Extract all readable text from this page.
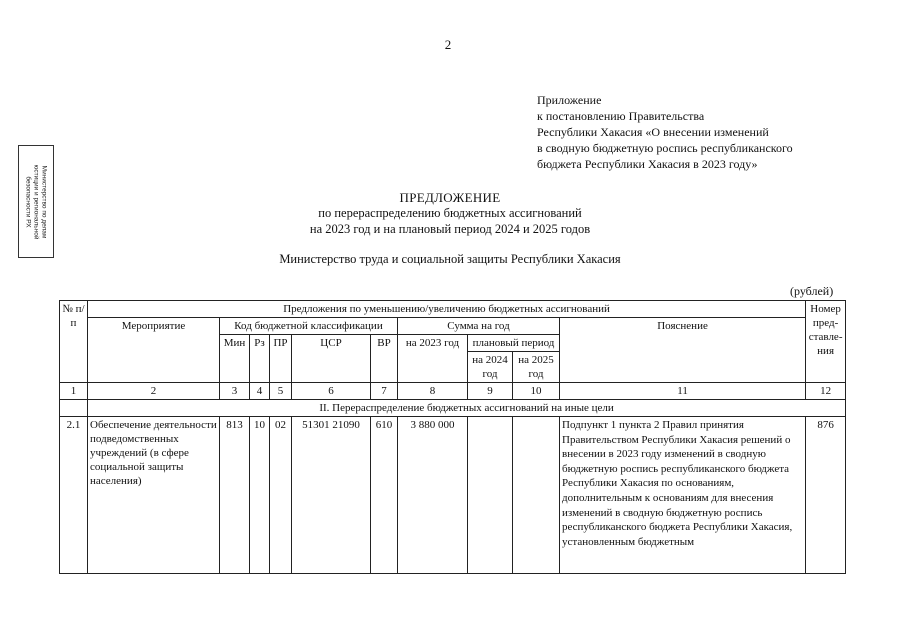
2
Приложение
к постановлению Правительства
Республики Хакасия «О внесении изменений
в сводную бюджетную роспись республиканского
бюджета Республики Хакасия в 2023 году»
Министерство по делам
юстиции и региональной
безопасности РХ	ПРЕДЛОЖЕНИЕ
по перераспределению бюджетных ассигнований
на 2023 год и на плановый период 2024 и 2025 годов
Министерство труда и социальной защиты Республики Хакасия
(рублей)
№ п/п	Предложения по уменьшению/увеличению бюджетных ассигнований										Номер пред-ставле-ния
	Мероприятие	Код бюджетной классификации					Сумма на год			Пояснение	
		Мин	Рз	ПР	ЦСР	ВР	на 2023 год	плановый период			
								на 2024 год	на 2025 год		
1	2	3	4	5	6	7	8	9	10	11	12
	II. Перераспределение бюджетных ассигнований на иные цели										
2.1	Обеспечение деятельности подведомственных учреждений (в сфере социальной защиты населения)	813	10	02	51301 21090	610	3 880 000			Подпункт 1 пункта 2 Правил принятия Правительством Республики Хакасия решений о внесении в 2023 году изменений в сводную бюджетную роспись республиканского бюджета Республики Хакасия по основаниям, дополнительным к основаниям для внесения изменений в сводную бюджетную роспись республиканского бюджета Республики Хакасия, установленным бюджетным	876
